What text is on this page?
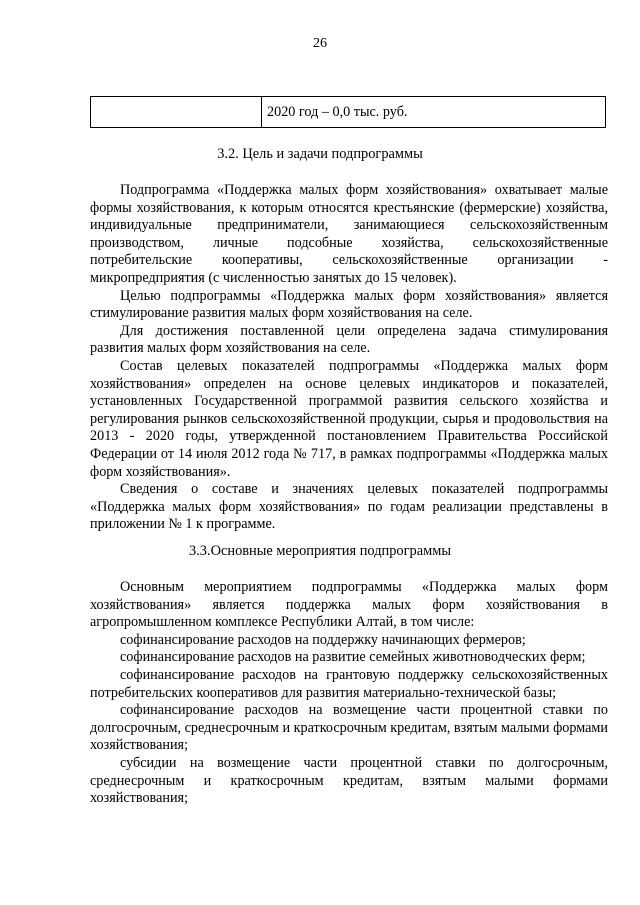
26
	2020 год – 0,0 тыс. руб.
3.2. Цель и задачи подпрограммы

Подпрограмма «Поддержка малых форм хозяйствования» охватывает малые формы хозяйствования, к которым относятся крестьянские (фермерские) хозяйства, индивидуальные предприниматели, занимающиеся сельскохозяйственным производством, личные подсобные хозяйства, сельскохозяйственные потребительские кооперативы, сельскохозяйственные организации - микропредприятия (с численностью занятых до 15 человек).

Целью подпрограммы «Поддержка малых форм хозяйствования» является стимулирование развития малых форм хозяйствования на селе.

Для достижения поставленной цели определена задача стимулирования развития малых форм хозяйствования на селе.

Состав целевых показателей подпрограммы «Поддержка малых форм хозяйствования» определен на основе целевых индикаторов и показателей, установленных Государственной программой развития сельского хозяйства и регулирования рынков сельскохозяйственной продукции, сырья и продовольствия на 2013 - 2020 годы, утвержденной постановлением Правительства Российской Федерации от 14 июля 2012 года № 717, в рамках подпрограммы «Поддержка малых форм хозяйствования».

Сведения о составе и значениях целевых показателей подпрограммы «Поддержка малых форм хозяйствования» по годам реализации представлены в приложении № 1 к программе.

3.3.Основные мероприятия подпрограммы

Основным мероприятием подпрограммы «Поддержка малых форм хозяйствования» является поддержка малых форм хозяйствования в агропромышленном комплексе Республики Алтай, в том числе:

софинансирование расходов на поддержку начинающих фермеров;

софинансирование расходов на развитие семейных животноводческих ферм;

софинансирование расходов на грантовую поддержку сельскохозяйственных потребительских кооперативов для развития материально-технической базы;

софинансирование расходов на возмещение части процентной ставки по долгосрочным, среднесрочным и краткосрочным кредитам, взятым малыми формами хозяйствования;

субсидии на возмещение части процентной ставки по долгосрочным, среднесрочным и краткосрочным кредитам, взятым малыми формами хозяйствования;
